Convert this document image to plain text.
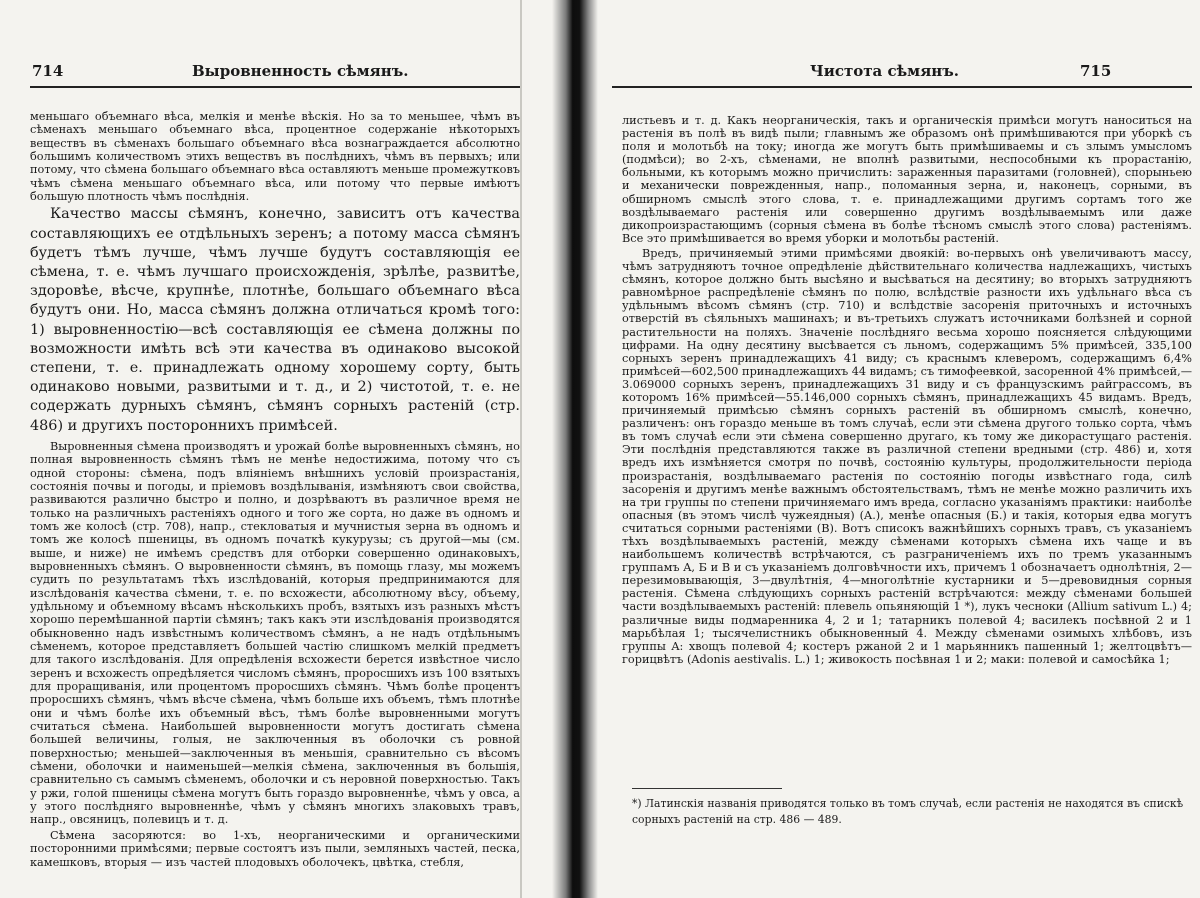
714	Выровненность сѣмянъ.

меньшаго объемнаго вѣса, мелкія и менѣе вѣскія. Но за то меньшее, чѣмъ въ сѣменахъ меньшаго объемнаго вѣса, процентное содержаніе нѣкоторыхъ веществъ въ сѣменахъ большаго объемнаго вѣса вознаграждается абсолютно большимъ количествомъ этихъ веществъ въ послѣднихъ, чѣмъ въ первыхъ; или потому, что сѣмена большаго объемнаго вѣса оставляютъ меньше промежутковъ чѣмъ сѣмена меньшаго объемнаго вѣса, или потому что первые имѣютъ большую плотность чѣмъ послѣднія.

Качество массы сѣмянъ, конечно, зависитъ отъ качества составляющихъ ее отдѣльныхъ зеренъ; а потому масса сѣмянъ будетъ тѣмъ лучше, чѣмъ лучше будутъ составляющія ее сѣмена, т. е. чѣмъ лучшаго происхожденія, зрѣлѣе, развитѣе, здоровѣе, вѣсче, крупнѣе, плотнѣе, большаго объемнаго вѣса будутъ они. Но, масса сѣмянъ должна отличаться кромѣ того: 1) выровненностію—всѣ составляющія ее сѣмена должны по возможности имѣть всѣ эти качества въ одинаково высокой степени, т. е. принадлежать одному хорошему сорту, быть одинаково новыми, развитыми и т. д., и 2) чистотой, т. е. не содержать дурныхъ сѣмянъ, сѣмянъ сорныхъ растеній (стр. 486) и другихъ постороннихъ примѣсей.

Выровненныя сѣмена производятъ и урожай болѣе выровненныхъ сѣмянъ, но полная выровненность сѣмянъ тѣмъ не менѣе недостижима, потому что съ одной стороны: сѣмена, подъ вліяніемъ внѣшнихъ условій произрастанія, состоянія почвы и погоды, и пріемовъ воздѣлыванія, измѣняютъ свои свойства, развиваются различно быстро и полно, и дозрѣваютъ въ различное время не только на различныхъ растеніяхъ одного и того же сорта, но даже въ одномъ и томъ же колосѣ (стр. 708), напр., стекловатыя и мучнистыя зерна въ одномъ и томъ же колосѣ пшеницы, въ одномъ початкѣ кукурузы; съ другой—мы (см. выше, и ниже) не имѣемъ средствъ для отборки совершенно одинаковыхъ, выровненныхъ сѣмянъ. О выровненности сѣмянъ, въ помощь глазу, мы можемъ судить по результатамъ тѣхъ изслѣдованій, которыя предпринимаются для изслѣдованія качества сѣмени, т. е. по всхожести, абсолютному вѣсу, объему, удѣльному и объемному вѣсамъ нѣсколькихъ пробъ, взятыхъ изъ разныхъ мѣстъ хорошо перемѣшанной партіи сѣмянъ; такъ какъ эти изслѣдованія производятся обыкновенно надъ извѣстнымъ количествомъ сѣмянъ, а не надъ отдѣльнымъ сѣменемъ, которое представляетъ большей частію слишкомъ мелкій предметъ для такого изслѣдованія. Для опредѣленія всхожести берется извѣстное число зеренъ и всхожесть опредѣляется числомъ сѣмянъ, проросшихъ изъ 100 взятыхъ для проращиванія, или процентомъ проросшихъ сѣмянъ. Чѣмъ болѣе процентъ проросшихъ сѣмянъ, чѣмъ вѣсче сѣмена, чѣмъ больше ихъ объемъ, тѣмъ плотнѣе они и чѣмъ болѣе ихъ объемный вѣсъ, тѣмъ болѣе выровненными могутъ считаться сѣмена. Наибольшей выровненности могутъ достигать сѣмена большей величины, голыя, не заключенныя въ оболочки съ ровной поверхностью; меньшей—заключенныя въ меньшія, сравнительно съ вѣсомъ сѣмени, оболочки и наименьшей—мелкія сѣмена, заключенныя въ большія, сравнительно съ самымъ сѣменемъ, оболочки и съ неровной поверхностью. Такъ у ржи, голой пшеницы сѣмена могутъ быть гораздо выровненнѣе, чѣмъ у овса, а у этого послѣдняго выровненнѣе, чѣмъ у сѣмянъ многихъ злаковыхъ травъ, напр., овсяницъ, полевицъ и т. д.

Сѣмена засоряются: во 1-хъ, неорганическими и органическими посторонними примѣсями; первые состоятъ изъ пыли, земляныхъ частей, песка, камешковъ, вторыя — изъ частей плодовыхъ оболочекъ, цвѣтка, стебля,

Чистота сѣмянъ.	715

листьевъ и т. д. Какъ неорганическія, такъ и органическія примѣси могутъ наноситься на растенія въ полѣ въ видѣ пыли; главнымъ же образомъ онѣ примѣшиваются при уборкѣ съ поля и молотьбѣ на току; иногда же могутъ быть примѣшиваемы и съ злымъ умысломъ (подмѣси); во 2-хъ, сѣменами, не вполнѣ развитыми, неспособными къ прорастанію, больными, къ которымъ можно причислить: зараженныя паразитами (головней), спорыньею и механически поврежденныя, напр., поломанныя зерна, и, наконецъ, сорными, въ обширномъ смыслѣ этого слова, т. е. принадлежащими другимъ сортамъ того же воздѣлываемаго растенія или совершенно другимъ воздѣлываемымъ или даже дикопроизрастающимъ (сорныя сѣмена въ болѣе тѣсномъ смыслѣ этого слова) растеніямъ. Все это примѣшивается во время уборки и молотьбы растеній.

Вредъ, причиняемый этими примѣсями двоякій: во-первыхъ онѣ увеличиваютъ массу, чѣмъ затрудняютъ точное опредѣленіе дѣйствительнаго количества надлежащихъ, чистыхъ сѣмянъ, которое должно быть высѣяно и высѣваться на десятину; во вторыхъ затрудняютъ равномѣрное распредѣленіе сѣмянъ по полю, вслѣдствіе разности ихъ удѣльнаго вѣса съ удѣльнымъ вѣсомъ сѣмянъ (стр. 710) и вслѣдствіе засоренія приточныхъ и источныхъ отверстій въ сѣяльныхъ машинахъ; и въ-третьихъ служатъ источниками болѣзней и сорной растительности на поляхъ. Значеніе послѣдняго весьма хорошо поясняется слѣдующими цифрами. На одну десятину высѣвается съ льномъ, содержащимъ 5% примѣсей, 335,100 сорныхъ зеренъ принадлежащихъ 41 виду; съ краснымъ клеверомъ, содержащимъ 6,4% примѣсей—602,500 принадлежащихъ 44 видамъ; съ тимофеевкой, засоренной 4% примѣсей,—3.069000 сорныхъ зеренъ, принадлежащихъ 31 виду и съ французскимъ райграссомъ, въ которомъ 16% примѣсей—55.146,000 сорныхъ сѣмянъ, принадлежащихъ 45 видамъ. Вредъ, причиняемый примѣсью сѣмянъ сорныхъ растеній въ обширномъ смыслѣ, конечно, различенъ: онъ гораздо меньше въ томъ случаѣ, если эти сѣмена другого только сорта, чѣмъ въ томъ случаѣ если эти сѣмена совершенно другаго, къ тому же дикорастущаго растенія. Эти послѣднія представляются также въ различной степени вредными (стр. 486) и, хотя вредъ ихъ измѣняется смотря по почвѣ, состоянію культуры, продолжительности періода произрастанія, воздѣлываемаго растенія по состоянію погоды извѣстнаго года, силѣ засоренія и другимъ менѣе важнымъ обстоятельствамъ, тѣмъ не менѣе можно различить ихъ на три группы по степени причиняемаго имъ вреда, согласно указаніямъ практики: наиболѣе опасныя (въ этомъ числѣ чужеядныя) (A.), менѣе опасныя (Б.) и такія, которыя едва могутъ считаться сорными растеніями (В). Вотъ списокъ важнѣйшихъ сорныхъ травъ, съ указаніемъ тѣхъ воздѣлываемыхъ растеній, между сѣменами которыхъ сѣмена ихъ чаще и въ наибольшемъ количествѣ встрѣчаются, съ разграниченіемъ ихъ по тремъ указаннымъ группамъ A, Б и В и съ указаніемъ долговѣчности ихъ, причемъ 1 обозначаетъ однолѣтнія, 2—перезимовывающія, 3—двулѣтнія, 4—многолѣтніе кустарники и 5—древовидныя сорныя растенія. Сѣмена слѣдующихъ сорныхъ растеній встрѣчаются: между сѣменами большей части воздѣлываемыхъ растеній: плевель опьяняющій 1 *), лукъ чесноки (Allium sativum L.) 4; различные виды подмаренника 4, 2 и 1; татарникъ полевой 4; василекъ посѣвной 2 и 1 марьбѣлая 1; тысячелистникъ обыкновенный 4. Между сѣменами озимыхъ хлѣбовъ, изъ группы A: хвощъ полевой 4; костеръ ржаной 2 и 1 марьянникъ пашенный 1; желтоцвѣтъ—горицвѣтъ (Adonis aestivalis. L.) 1; живокость посѣвная 1 и 2; маки: полевой и самосѣйка 1;

*) Латинскія названія приводятся только въ томъ случаѣ, если растенія не находятся въ спискѣ сорныхъ растеній на стр. 486 — 489.
